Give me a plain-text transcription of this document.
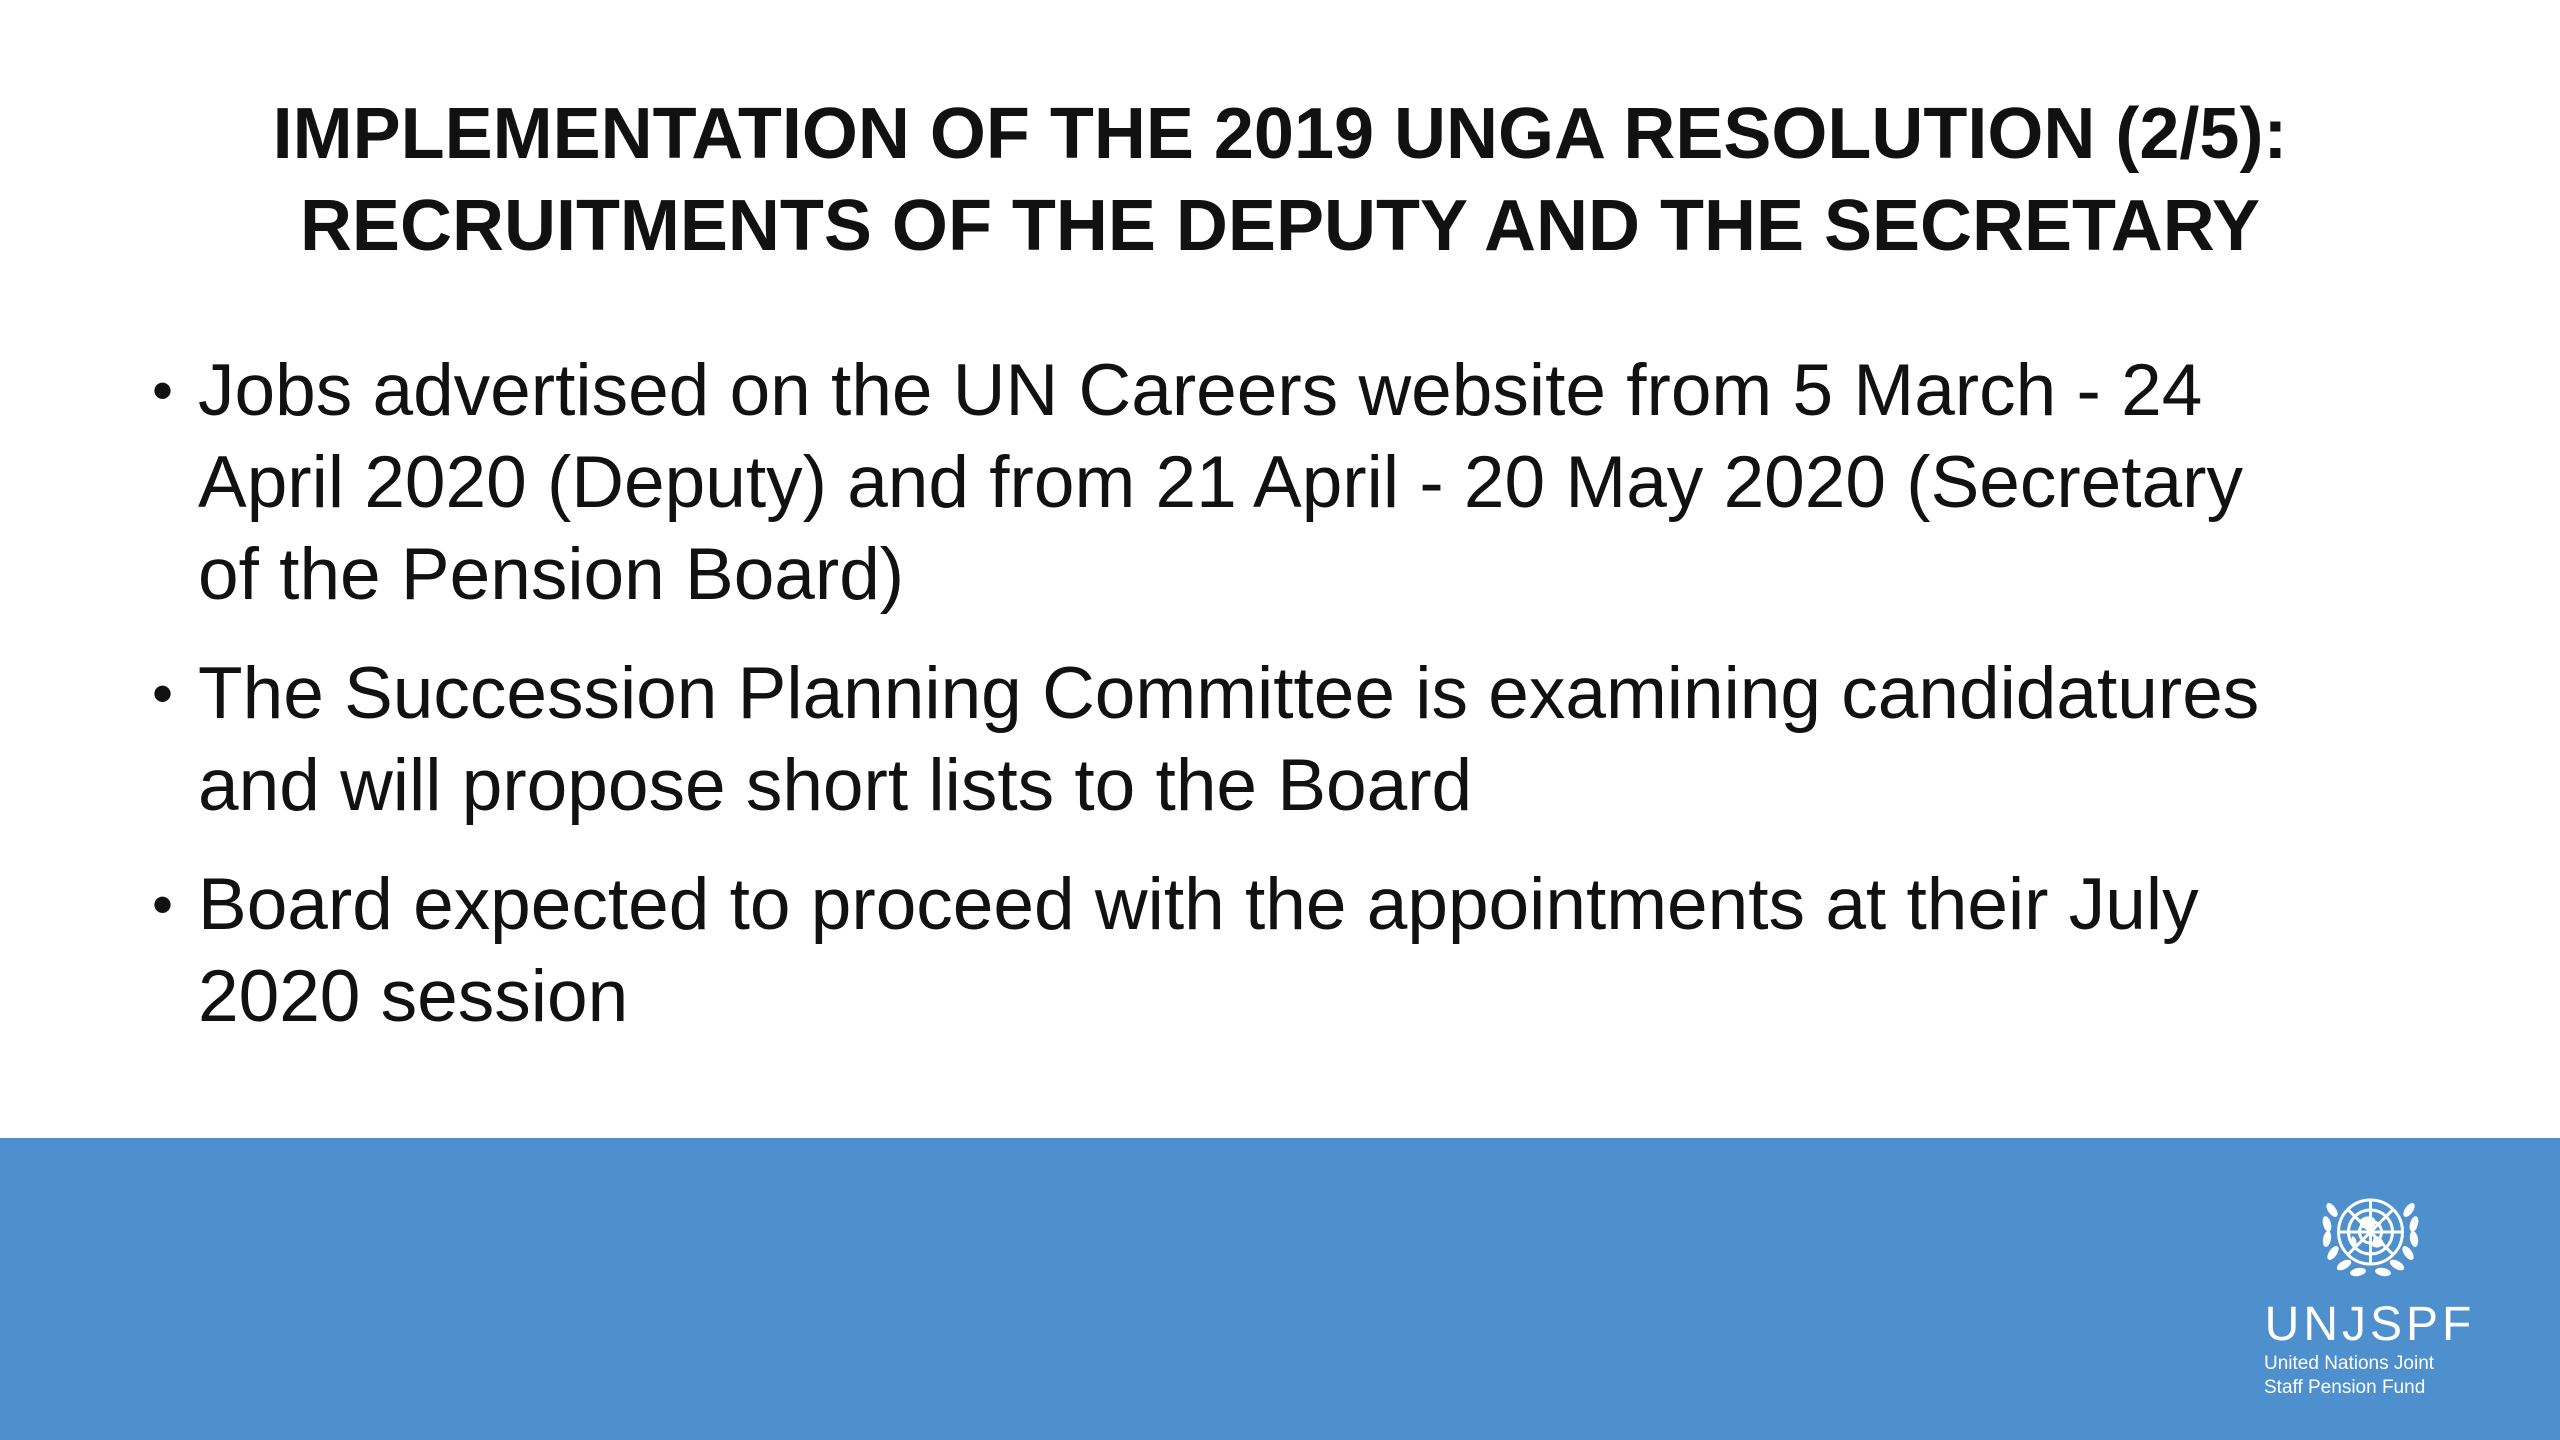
IMPLEMENTATION OF THE 2019 UNGA RESOLUTION (2/5):
RECRUITMENTS OF THE DEPUTY AND THE SECRETARY
• Jobs advertised on the UN Careers website from 5 March - 24 April 2020 (Deputy) and from 21 April - 20 May 2020 (Secretary of the Pension Board)
• The Succession Planning Committee is examining candidatures and will propose short lists to the Board
• Board expected to proceed with the appointments at their July 2020 session
UNJSPF
United Nations Joint
Staff Pension Fund
